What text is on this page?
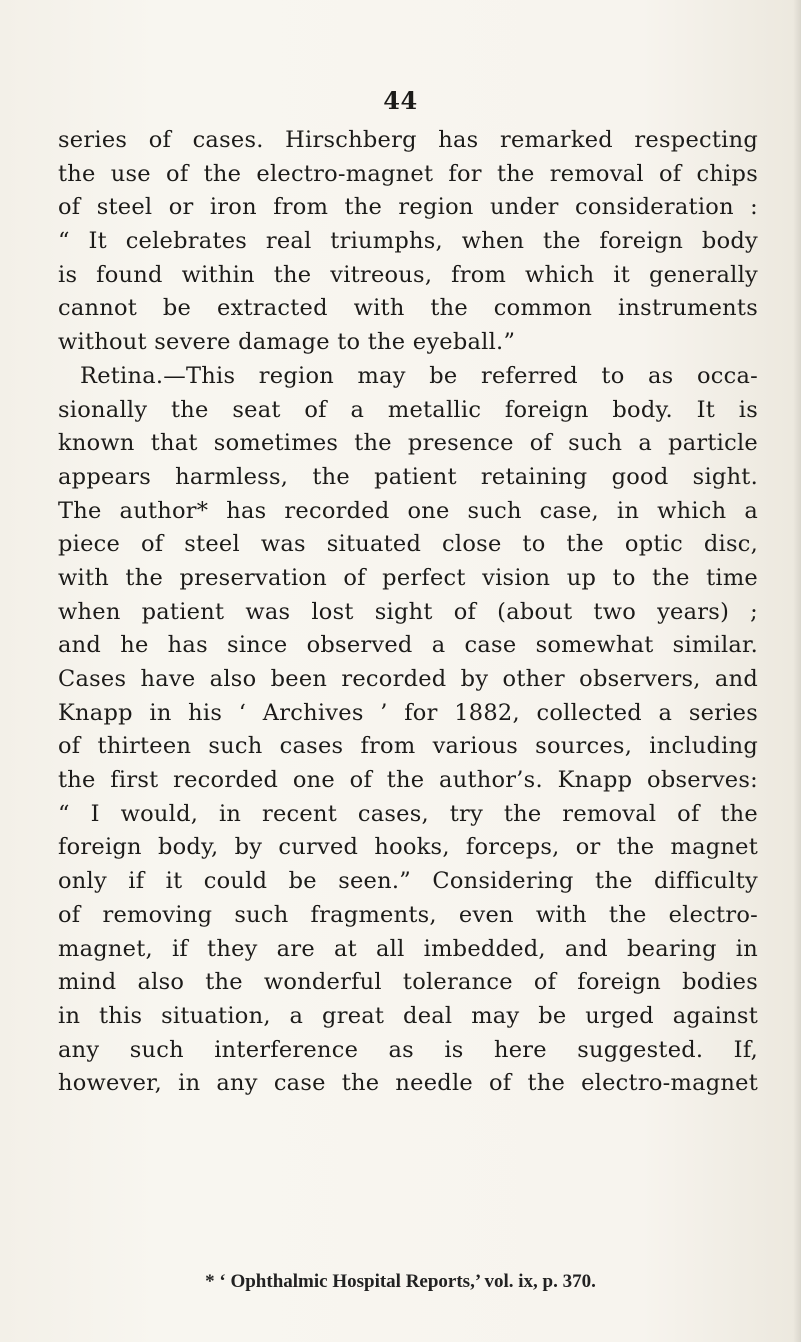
44
series of cases. Hirschberg has remarked respecting
the use of the electro-magnet for the removal of chips
of steel or iron from the region under consideration :
“ It celebrates real triumphs, when the foreign body
is found within the vitreous, from which it generally
cannot be extracted with the common instruments
without severe damage to the eyeball.”
Retina.—This region may be referred to as occa-
sionally the seat of a metallic foreign body. It is
known that sometimes the presence of such a particle
appears harmless, the patient retaining good sight.
The author* has recorded one such case, in which a
piece of steel was situated close to the optic disc,
with the preservation of perfect vision up to the time
when patient was lost sight of (about two years) ;
and he has since observed a case somewhat similar.
Cases have also been recorded by other observers, and
Knapp in his ‘ Archives ’ for 1882, collected a series
of thirteen such cases from various sources, including
the first recorded one of the author’s. Knapp observes:
“ I would, in recent cases, try the removal of the
foreign body, by curved hooks, forceps, or the magnet
only if it could be seen.” Considering the difficulty
of removing such fragments, even with the electro-
magnet, if they are at all imbedded, and bearing in
mind also the wonderful tolerance of foreign bodies
in this situation, a great deal may be urged against
any such interference as is here suggested. If,
however, in any case the needle of the electro-magnet
* ‘ Ophthalmic Hospital Reports,’ vol. ix, p. 370.
